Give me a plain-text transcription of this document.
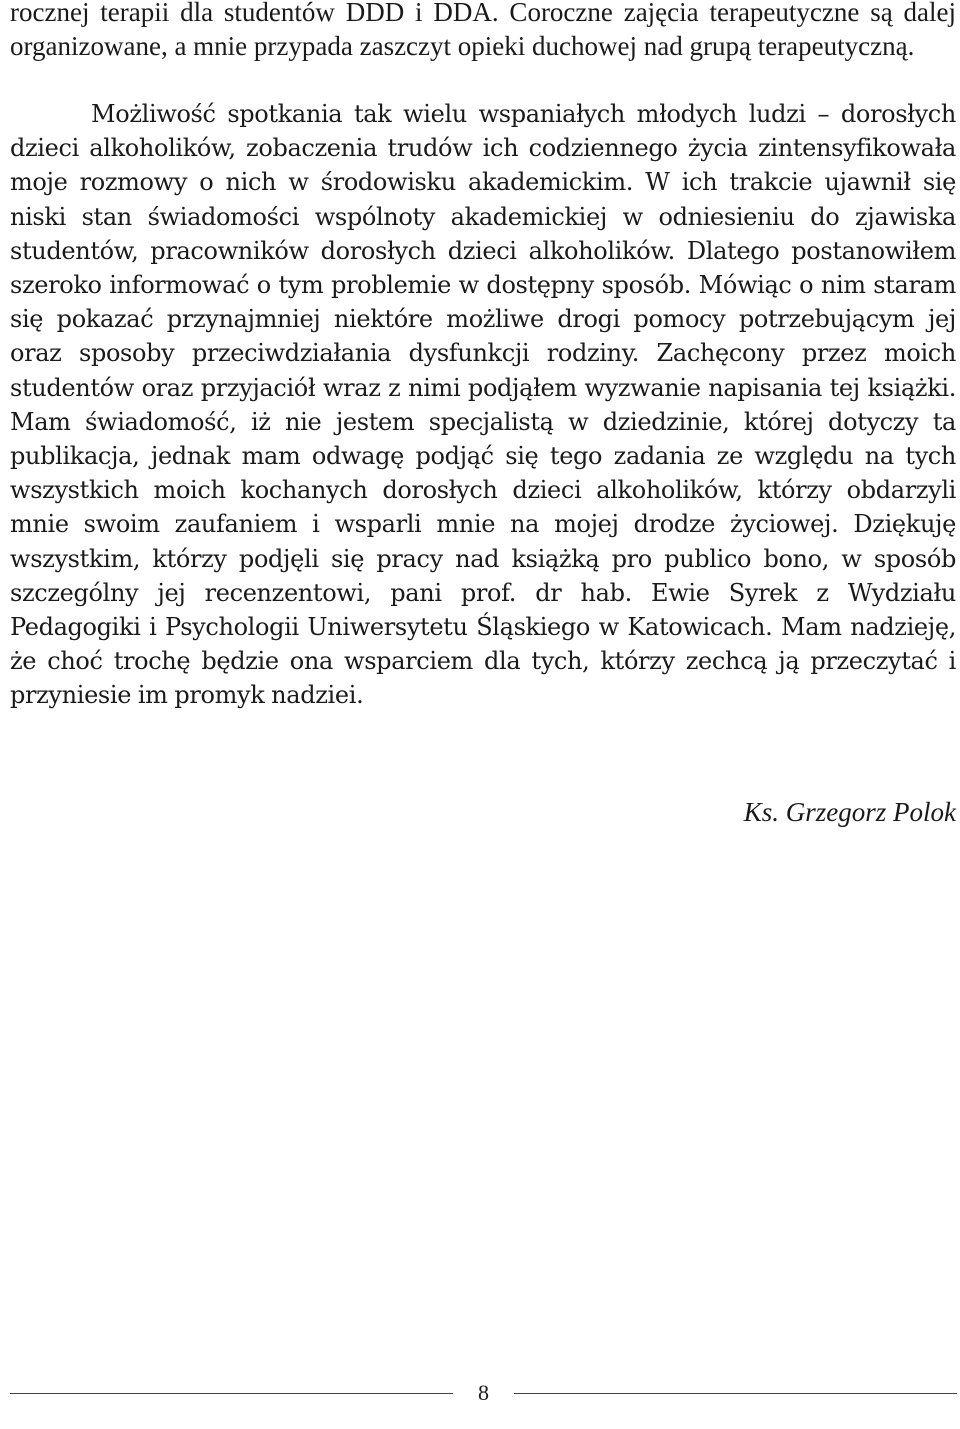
rocznej terapii dla studentów DDD i DDA. Coroczne zajęcia terapeutyczne są dalej organizowane, a mnie przypada zaszczyt opieki duchowej nad grupą terapeutyczną.

Możliwość spotkania tak wielu wspaniałych młodych ludzi – dorosłych dzieci alkoholików, zobaczenia trudów ich codziennego życia zintensyfikowała moje rozmowy o nich w środowisku akademickim. W ich trakcie ujawnił się niski stan świadomości wspólnoty akademickiej w odniesieniu do zjawiska studentów, pracowników dorosłych dzieci alkoholików. Dlatego postanowiłem szeroko informować o tym problemie w dostępny sposób. Mówiąc o nim staram się pokazać przynajmniej niektóre możliwe drogi pomocy potrzebującym jej oraz sposoby przeciwdziałania dysfunkcji rodziny. Zachęcony przez moich studentów oraz przyjaciół wraz z nimi podjąłem wyzwanie napisania tej książki. Mam świadomość, iż nie jestem specjalistą w dziedzinie, której dotyczy ta publikacja, jednak mam odwagę podjąć się tego zadania ze względu na tych wszystkich moich kochanych dorosłych dzieci alkoholików, którzy obdarzyli mnie swoim zaufaniem i wsparli mnie na mojej drodze życiowej. Dziękuję wszystkim, którzy podjęli się pracy nad książką pro publico bono, w sposób szczególny jej recenzentowi, pani prof. dr hab. Ewie Syrek z Wydziału Pedagogiki i Psychologii Uniwersytetu Śląskiego w Katowicach. Mam nadzieję, że choć trochę będzie ona wsparciem dla tych, którzy zechcą ją przeczytać i przyniesie im promyk nadziei.

Ks. Grzegorz Polok
8
